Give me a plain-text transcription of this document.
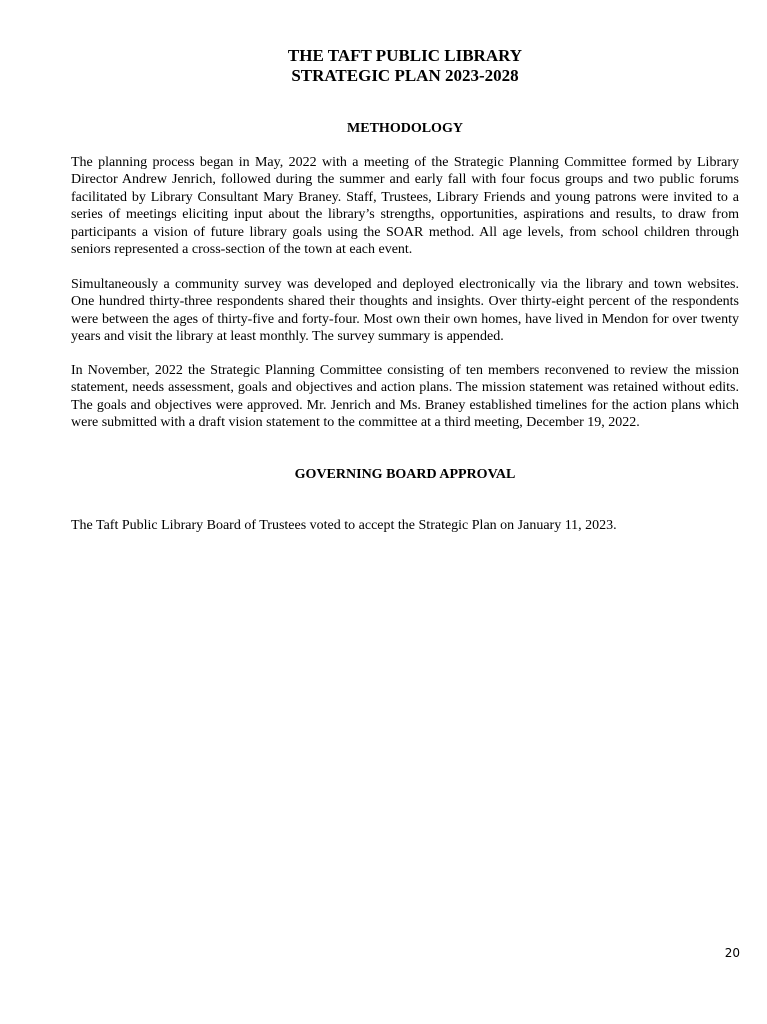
THE TAFT PUBLIC LIBRARY
STRATEGIC PLAN 2023-2028
METHODOLOGY

The planning process began in May, 2022 with a meeting of the Strategic Planning Committee formed by Library Director Andrew Jenrich, followed during the summer and early fall with four focus groups and two public forums facilitated by Library Consultant Mary Braney. Staff, Trustees, Library Friends and young patrons were invited to a series of meetings eliciting input about the library’s strengths, opportunities, aspirations and results, to draw from participants a vision of future library goals using the SOAR method. All age levels, from school children through seniors represented a cross-section of the town at each event.

Simultaneously a community survey was developed and deployed electronically via the library and town websites. One hundred thirty-three respondents shared their thoughts and insights. Over thirty-eight percent of the respondents were between the ages of thirty-five and forty-four. Most own their own homes, have lived in Mendon for over twenty years and visit the library at least monthly. The survey summary is appended.

In November, 2022 the Strategic Planning Committee consisting of ten members reconvened to review the mission statement, needs assessment, goals and objectives and action plans. The mission statement was retained without edits. The goals and objectives were approved. Mr. Jenrich and Ms. Braney established timelines for the action plans which were submitted with a draft vision statement to the committee at a third meeting, December 19, 2022.

GOVERNING BOARD APPROVAL

The Taft Public Library Board of Trustees voted to accept the Strategic Plan on January 11, 2023.

20
